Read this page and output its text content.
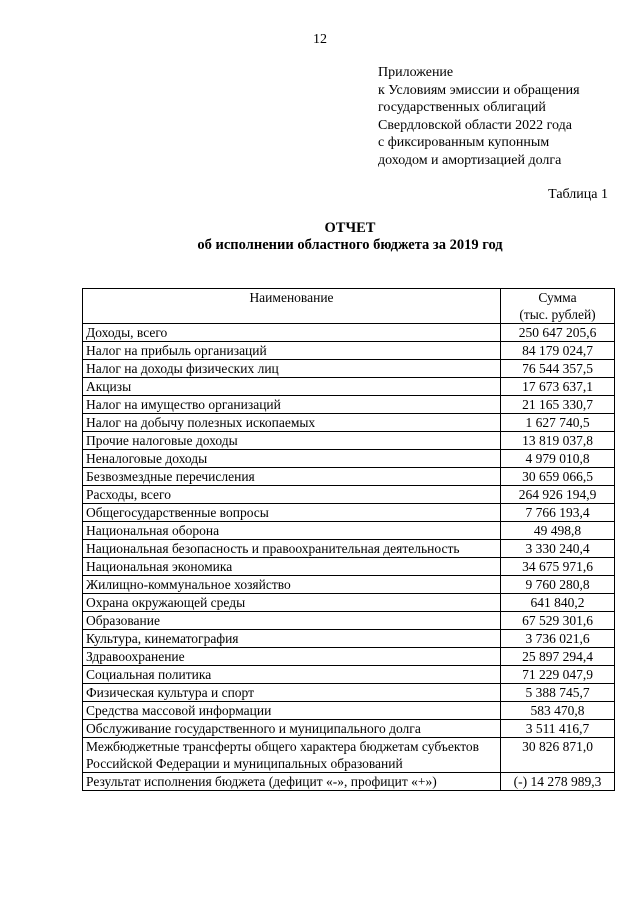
12
Приложение
к Условиям эмиссии и обращения
государственных облигаций
Свердловской области 2022 года
с фиксированным купонным
доходом и амортизацией долга
Таблица 1
ОТЧЕТ
об исполнении областного бюджета за 2019 год
Наименование	Сумма
(тыс. рублей)

Доходы, всего	250 647 205,6
Налог на прибыль организаций	84 179 024,7
Налог на доходы физических лиц	76 544 357,5
Акцизы	17 673 637,1
Налог на имущество организаций	21 165 330,7
Налог на добычу полезных ископаемых	1 627 740,5
Прочие налоговые доходы	13 819 037,8
Неналоговые доходы	4 979 010,8
Безвозмездные перечисления	30 659 066,5
Расходы, всего	264 926 194,9
Общегосударственные вопросы	7 766 193,4
Национальная оборона	49 498,8
Национальная безопасность и правоохранительная деятельность	3 330 240,4
Национальная экономика	34 675 971,6
Жилищно-коммунальное хозяйство	9 760 280,8
Охрана окружающей среды	641 840,2
Образование	67 529 301,6
Культура, кинематография	3 736 021,6
Здравоохранение	25 897 294,4
Социальная политика	71 229 047,9
Физическая культура и спорт	5 388 745,7
Средства массовой информации	583 470,8
Обслуживание государственного и муниципального долга	3 511 416,7
Межбюджетные трансферты общего характера бюджетам субъектов Российской Федерации и муниципальных образований	30 826 871,0
Результат исполнения бюджета (дефицит «-», профицит «+»)	(-) 14 278 989,3
